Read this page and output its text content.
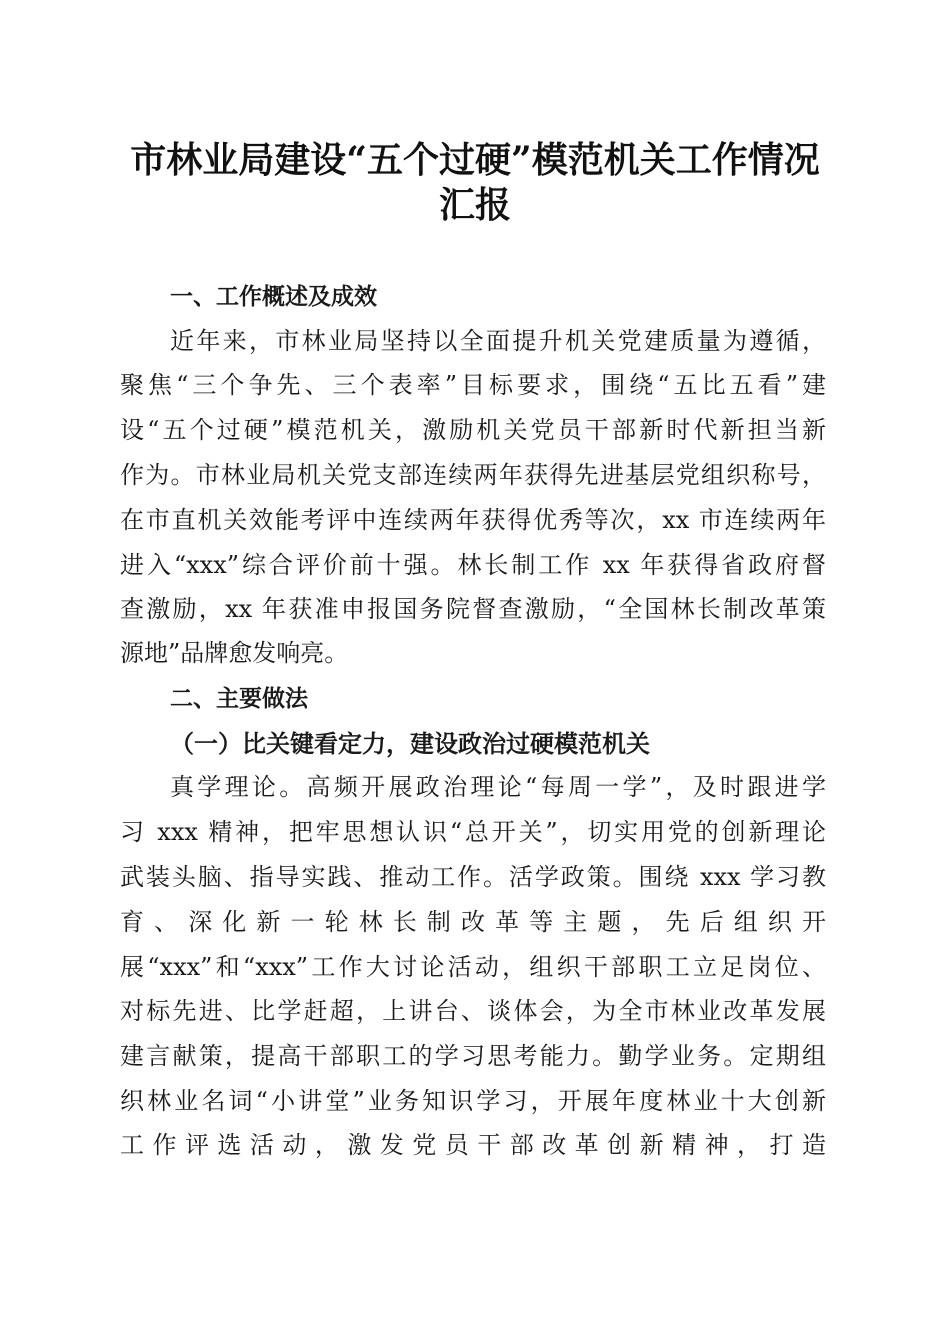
市林业局建设“五个过硬”模范机关工作情况
汇报
一、工作概述及成效
近年来，市林业局坚持以全面提升机关党建质量为遵循，
聚焦“三个争先、三个表率”目标要求，围绕“五比五看”建
设“五个过硬”模范机关，激励机关党员干部新时代新担当新
作为。市林业局机关党支部连续两年获得先进基层党组织称号，
在市直机关效能考评中连续两年获得优秀等次，xx 市连续两年
进入“xxx”综合评价前十强。林长制工作 xx 年获得省政府督
查激励，xx 年获准申报国务院督查激励，“全国林长制改革策
源地”品牌愈发响亮。
二、主要做法
（一）比关键看定力，建设政治过硬模范机关
真学理论。高频开展政治理论“每周一学”，及时跟进学
习 xxx 精神，把牢思想认识“总开关”，切实用党的创新理论
武装头脑、指导实践、推动工作。活学政策。围绕 xxx 学习教
育、深化新一轮林长制改革等主题，先后组织开
展“xxx”和“xxx”工作大讨论活动，组织干部职工立足岗位、
对标先进、比学赶超，上讲台、谈体会，为全市林业改革发展
建言献策，提高干部职工的学习思考能力。勤学业务。定期组
织林业名词“小讲堂”业务知识学习，开展年度林业十大创新
工作评选活动，激发党员干部改革创新精神，打造
